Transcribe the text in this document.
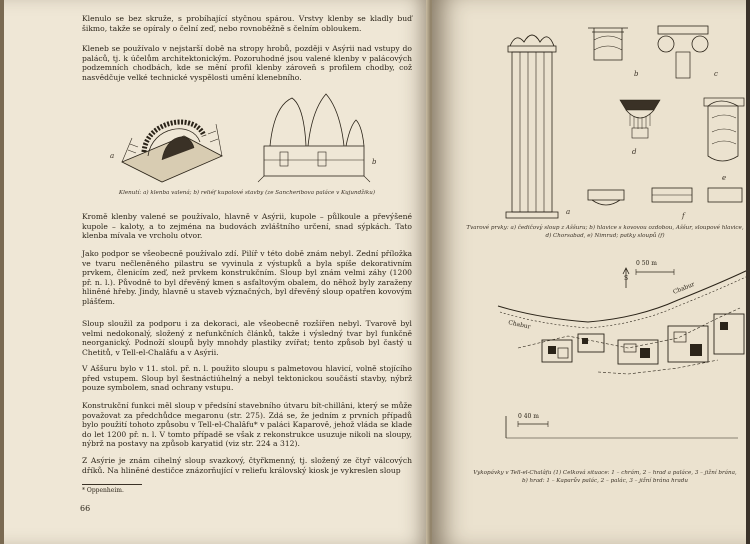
Klenulo se bez skruže, s probíhající styčnou spárou. Vrstvy klenby se kladly buď šikmo, takže se opíraly o čelní zeď, nebo rovnoběžně s čelním obloukem.

Kleneb se používalo v nejstarší době na stropy hrobů, později v Asýrii nad vstupy do paláců, tj. k účelům architektonickým. Pozoruhodné jsou valené klenby v palácových podzemních chodbách, kde se mění profil klenby zároveň s profilem chodby, což nasvědčuje velké technické vyspělosti umění klenebního.

a
b
Klenutí: a) klenba valená; b) reliéf kupolové stavby (ze Sancheribova paláce v Kujundžiku)

Kromě klenby valené se používalo, hlavně v Asýrii, kupole – půlkoule a převýšené kupole – kaloty, a to zejména na budovách zvláštního určení, snad sýpkách. Tato klenba mívala ve vrcholu otvor.

Jako podpor se všeobecně používalo zdí. Pilíř v této době znám nebyl. Zední příložka ve tvaru nečleněného pilastru se vyvinula z výstupků a byla spíše dekorativním prvkem, členicím zeď, než prvkem konstrukčním. Sloup byl znám velmi záhy (1200 př. n. l.). Původně to byl dřevěný kmen s asfaltovým obalem, do něhož byly zaraženy hliněné hřeby. Jindy, hlavně u staveb význačných, byl dřevěný sloup opatřen kovovým plášťem.

Sloup sloužil za podporu i za dekoraci, ale všeobecně rozšířen nebyl. Tvarově byl velmi nedokonalý, složený z nefunkčních článků, takže i výsledný tvar byl funkčně neorganický. Podnoží sloupů byly mnohdy plastiky zvířat; tento způsob byl častý u Chetitů, v Tell-el-Chalâfu a v Asýrii.

V Aššuru bylo v 11. stol. př. n. l. použito sloupu s palmetovou hlavicí, volně stojícího před vstupem. Sloup byl šestnáctiúhelný a nebyl tektonickou součástí stavby, nýbrž pouze symbolem, snad ochrany vstupu.

Konstrukční funkci měl sloup v předsíní stavebního útvaru bít-chillâni, který se může považovat za předchůdce megaronu (str. 275). Zdá se, že jedním z prvních případů bylo použití tohoto způsobu v Tell-el-Chalâfu* v paláci Kaparově, jehož vláda se klade do let 1200 př. n. l. V tomto případě se však z rekonstrukce usuzuje nikoli na sloupy, nýbrž na postavy na způsob karyatid (viz str. 224 a 312).

Z Asýrie je znám cihelný sloup svazkový, čtyřkmenný, tj. složený ze čtyř válcových dříků. Na hliněné destičce znázorňující v reliefu královský kiosk je vykreslen sloup

* Oppenheim.
66
a
b	c
d
e
f
Tvarové prvky: a) čedičový sloup z Aššuru; b) hlavice s kovovou ozdobou, Aššur, sloupové hlavice,
d) Chorsabad, e) Nimrud; patky sloupů (f)
S
0 50 m
Chabur
Chabur
0 40 m
Vykopávky v Tell-el-Chalâfu (1) Celková situace: 1 – chrám, 2 – hrad a paláce, 3 – jižní brána,
b) hrad: 1 – Kaparův palác, 2 – palác, 3 – jižní brána hradu
